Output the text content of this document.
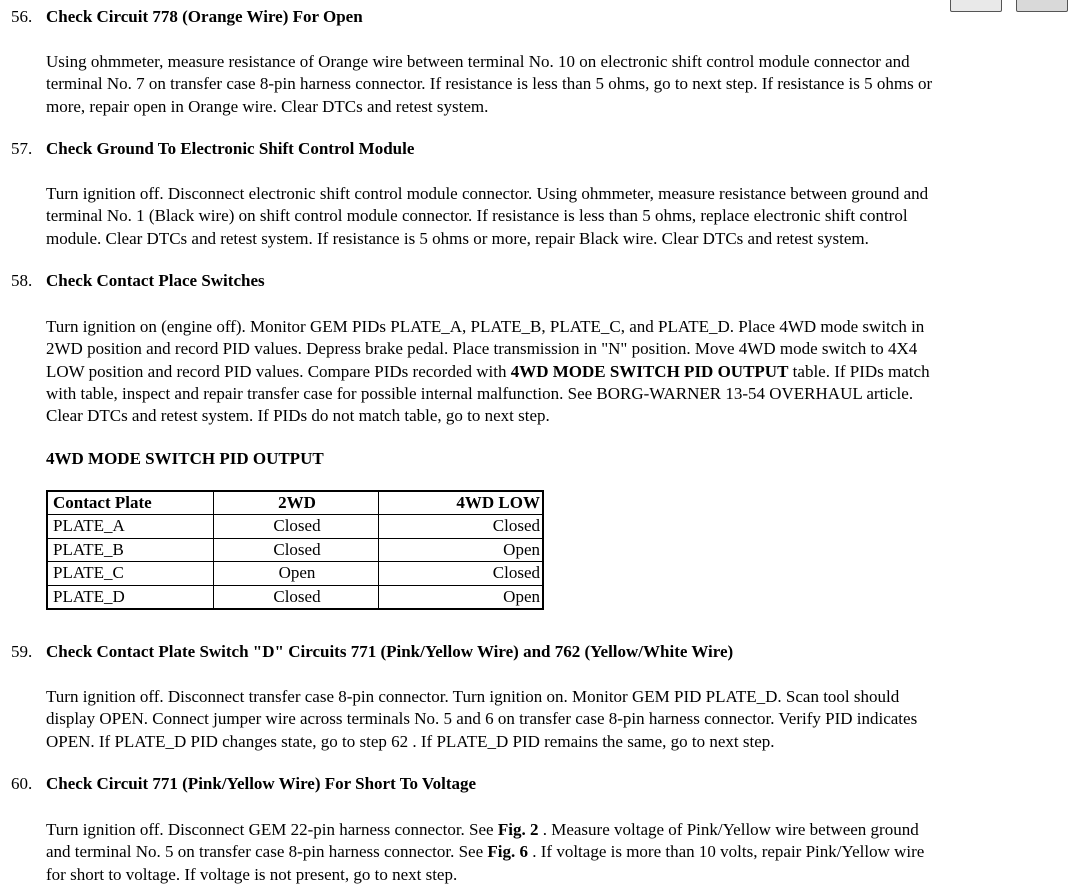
56. Check Circuit 778 (Orange Wire) For Open
Using ohmmeter, measure resistance of Orange wire between terminal No. 10 on electronic shift control module connector and
terminal No. 7 on transfer case 8-pin harness connector. If resistance is less than 5 ohms, go to next step. If resistance is 5 ohms or
more, repair open in Orange wire. Clear DTCs and retest system.
57. Check Ground To Electronic Shift Control Module
Turn ignition off. Disconnect electronic shift control module connector. Using ohmmeter, measure resistance between ground and
terminal No. 1 (Black wire) on shift control module connector. If resistance is less than 5 ohms, replace electronic shift control
module. Clear DTCs and retest system. If resistance is 5 ohms or more, repair Black wire. Clear DTCs and retest system.
58. Check Contact Place Switches
Turn ignition on (engine off). Monitor GEM PIDs PLATE_A, PLATE_B, PLATE_C, and PLATE_D. Place 4WD mode switch in
2WD position and record PID values. Depress brake pedal. Place transmission in "N" position. Move 4WD mode switch to 4X4
LOW position and record PID values. Compare PIDs recorded with 4WD MODE SWITCH PID OUTPUT table. If PIDs match
with table, inspect and repair transfer case for possible internal malfunction. See BORG-WARNER 13-54 OVERHAUL article.
Clear DTCs and retest system. If PIDs do not match table, go to next step.
4WD MODE SWITCH PID OUTPUT
Contact Plate	2WD	4WD LOW
PLATE_A	Closed	Closed
PLATE_B	Closed	Open
PLATE_C	Open	Closed
PLATE_D	Closed	Open
59. Check Contact Plate Switch "D" Circuits 771 (Pink/Yellow Wire) and 762 (Yellow/White Wire)
Turn ignition off. Disconnect transfer case 8-pin connector. Turn ignition on. Monitor GEM PID PLATE_D. Scan tool should
display OPEN. Connect jumper wire across terminals No. 5 and 6 on transfer case 8-pin harness connector. Verify PID indicates
OPEN. If PLATE_D PID changes state, go to step 62 . If PLATE_D PID remains the same, go to next step.
60. Check Circuit 771 (Pink/Yellow Wire) For Short To Voltage
Turn ignition off. Disconnect GEM 22-pin harness connector. See Fig. 2 . Measure voltage of Pink/Yellow wire between ground
and terminal No. 5 on transfer case 8-pin harness connector. See Fig. 6 . If voltage is more than 10 volts, repair Pink/Yellow wire
for short to voltage. If voltage is not present, go to next step.
